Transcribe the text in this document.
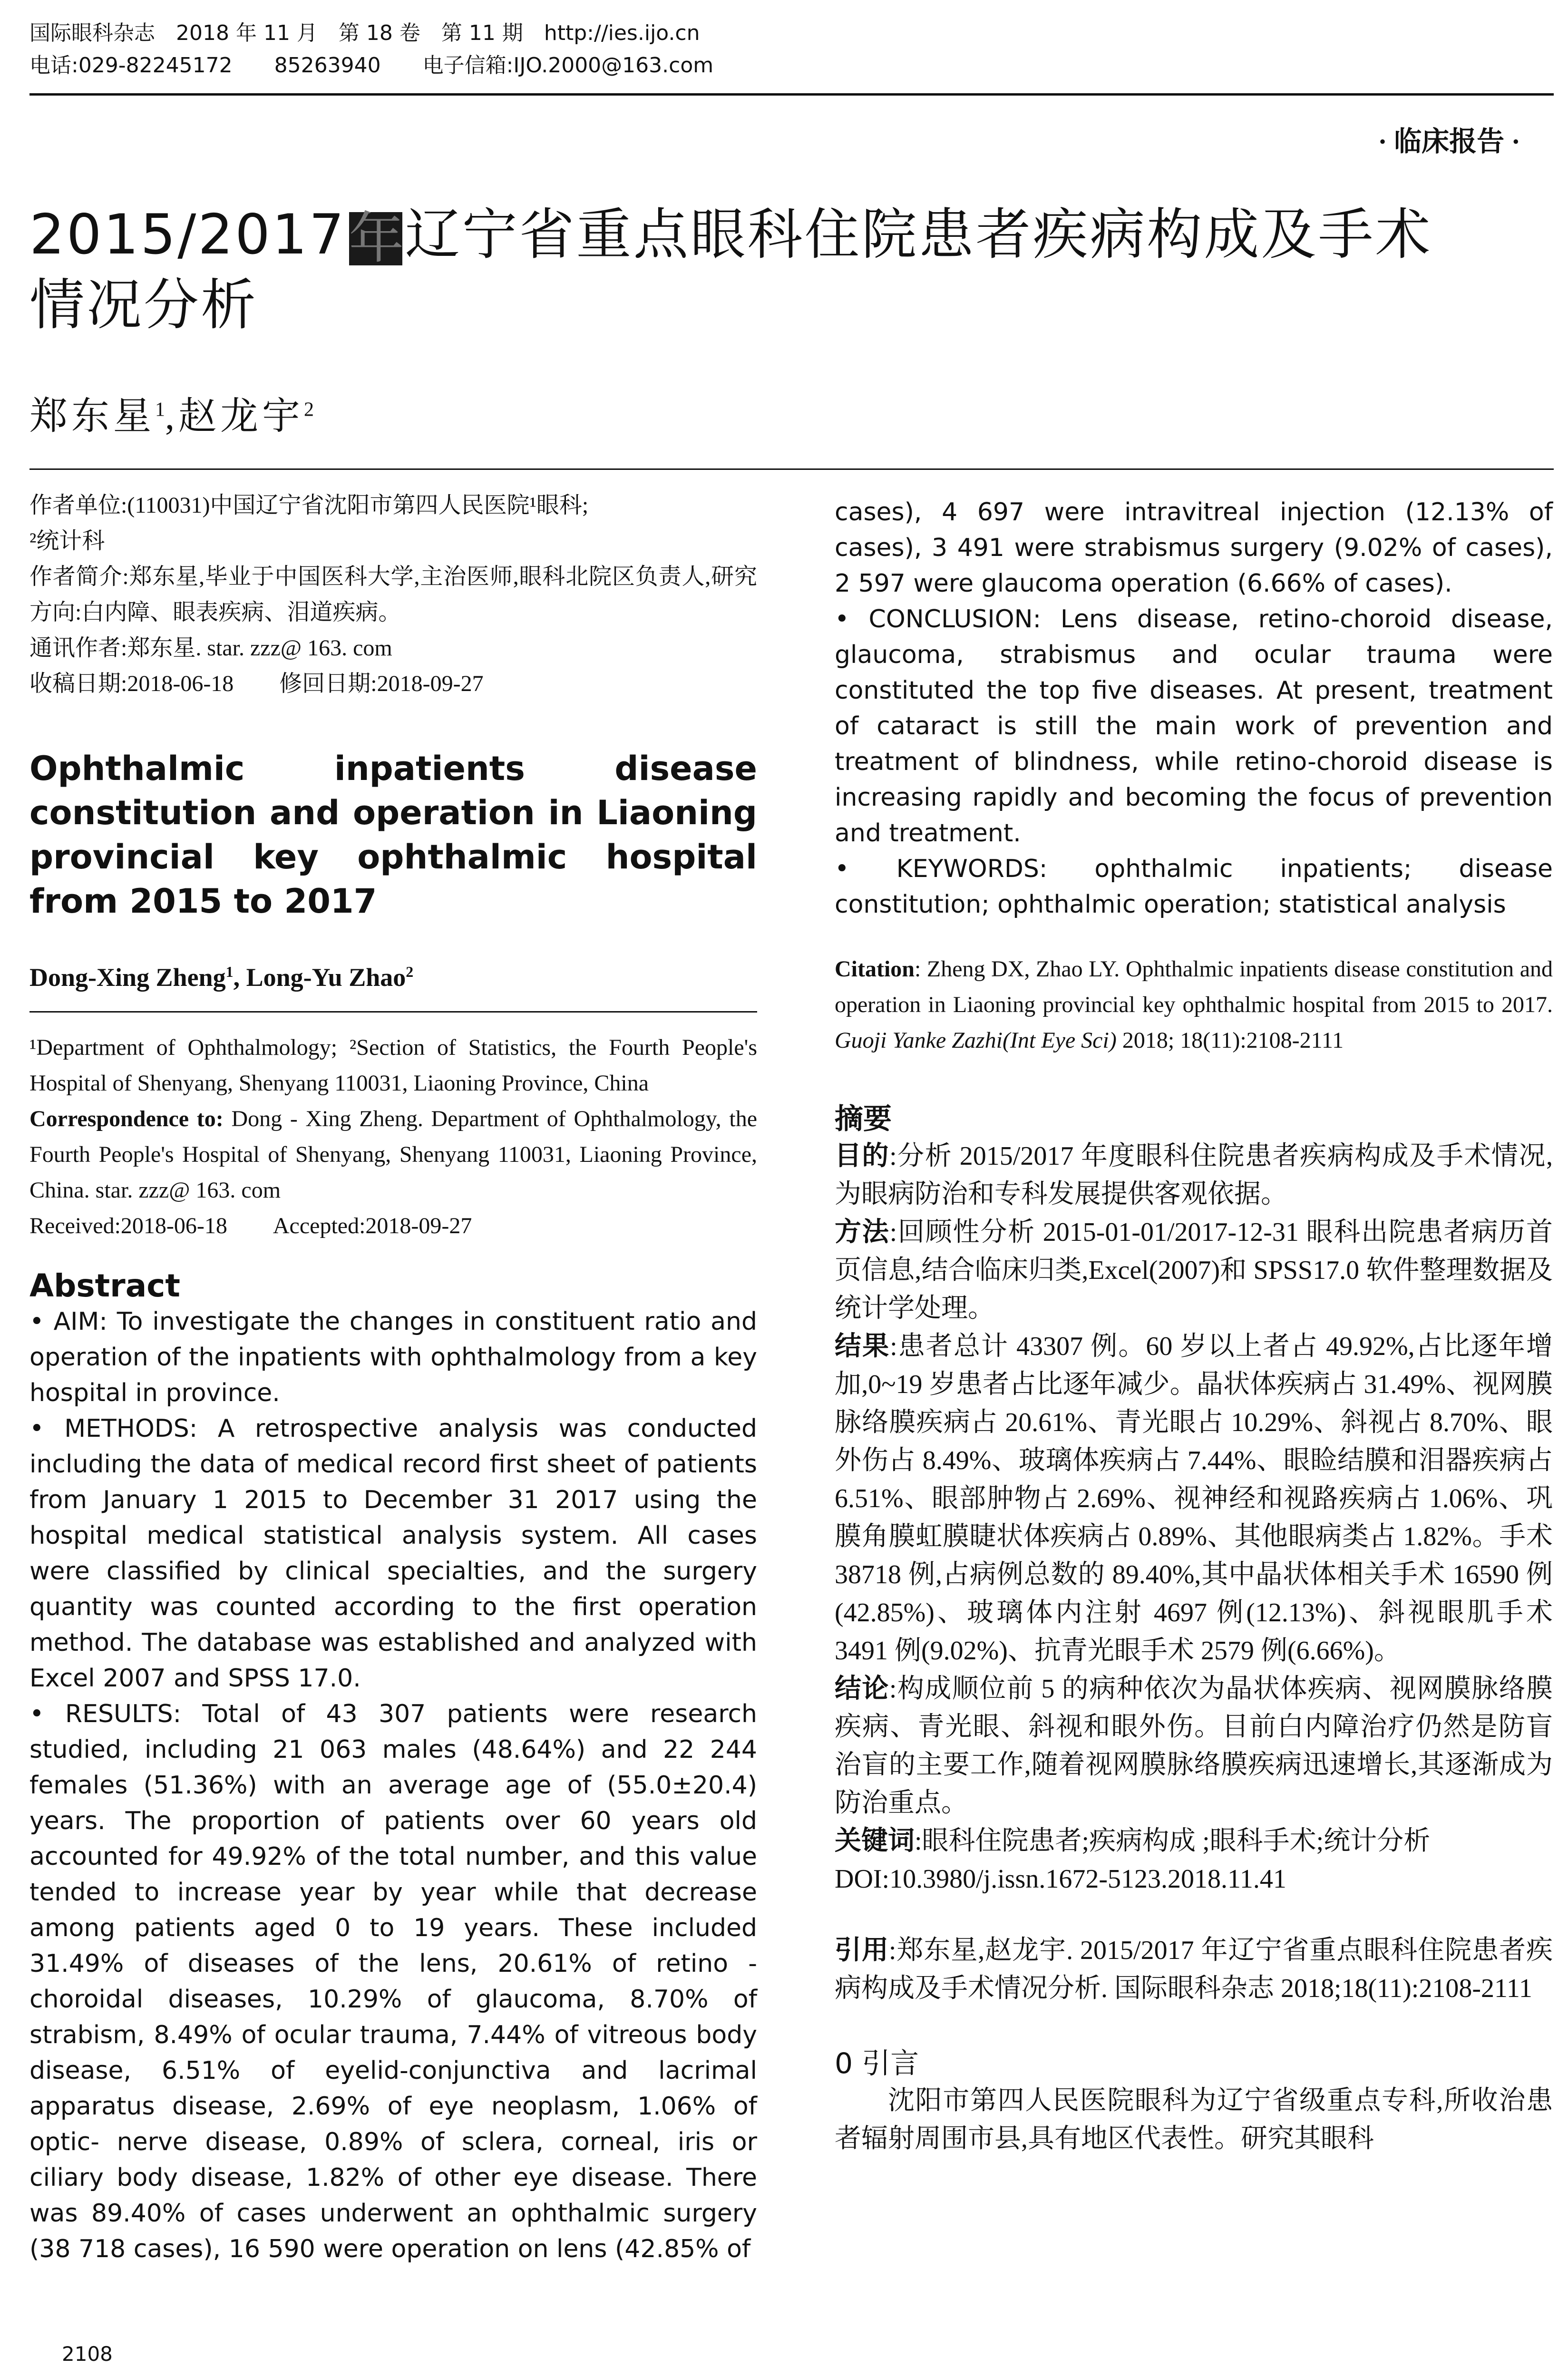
国际眼科杂志　2018 年 11 月　第 18 卷　第 11 期　http://ies.ijo.cn
电话:029-82245172　　85263940　　电子信箱:IJO.2000@163.com
· 临床报告 ·
2015/2017年辽宁省重点眼科住院患者疾病构成及手术
情况分析
郑东星$^1$,赵龙宇$^2$

作者单位:(110031)中国辽宁省沈阳市第四人民医院¹眼科;

²统计科

作者简介:郑东星,毕业于中国医科大学,主治医师,眼科北院区负责人,研究方向:白内障、眼表疾病、泪道疾病。

通讯作者:郑东星. star. zzz@ 163. com

收稿日期:2018-06-18　　修回日期:2018-09-27

Ophthalmic inpatients disease constitution and operation in Liaoning provincial key ophthalmic hospital from 2015 to 2017

Dong-Xing Zheng$^1$, Long-Yu Zhao$^2$

¹Department of Ophthalmology; ²Section of Statistics, the Fourth People's Hospital of Shenyang, Shenyang 110031, Liaoning Province, China

Correspondence to: Dong - Xing Zheng. Department of Ophthalmology, the Fourth People's Hospital of Shenyang, Shenyang 110031, Liaoning Province, China. star. zzz@ 163. com

Received:2018-06-18　　Accepted:2018-09-27

Abstract

• AIM: To investigate the changes in constituent ratio and operation of the inpatients with ophthalmology from a key hospital in province.

• METHODS: A retrospective analysis was conducted including the data of medical record first sheet of patients from January 1 2015 to December 31 2017 using the hospital medical statistical analysis system. All cases were classified by clinical specialties, and the surgery quantity was counted according to the first operation method. The database was established and analyzed with Excel 2007 and SPSS 17.0.

• RESULTS: Total of 43 307 patients were research studied, including 21 063 males (48.64%) and 22 244 females (51.36%) with an average age of (55.0±20.4) years. The proportion of patients over 60 years old accounted for 49.92% of the total number, and this value tended to increase year by year while that decrease among patients aged 0 to 19 years. These included 31.49% of diseases of the lens, 20.61% of retino - choroidal diseases, 10.29% of glaucoma, 8.70% of strabism, 8.49% of ocular trauma, 7.44% of vitreous body disease, 6.51% of eyelid-conjunctiva and lacrimal apparatus disease, 2.69% of eye neoplasm, 1.06% of optic- nerve disease, 0.89% of sclera, corneal, iris or ciliary body disease, 1.82% of other eye disease. There was 89.40% of cases underwent an ophthalmic surgery (38 718 cases), 16 590 were operation on lens (42.85% of

cases), 4 697 were intravitreal injection (12.13% of cases), 3 491 were strabismus surgery (9.02% of cases), 2 597 were glaucoma operation (6.66% of cases).

• CONCLUSION: Lens disease, retino-choroid disease, glaucoma, strabismus and ocular trauma were constituted the top five diseases. At present, treatment of cataract is still the main work of prevention and treatment of blindness, while retino-choroid disease is increasing rapidly and becoming the focus of prevention and treatment.

• KEYWORDS: ophthalmic inpatients; disease constitution; ophthalmic operation; statistical analysis

Citation: Zheng DX, Zhao LY. Ophthalmic inpatients disease constitution and operation in Liaoning provincial key ophthalmic hospital from 2015 to 2017. Guoji Yanke Zazhi(Int Eye Sci) 2018; 18(11):2108-2111

摘要

目的:分析 2015/2017 年度眼科住院患者疾病构成及手术情况,为眼病防治和专科发展提供客观依据。

方法:回顾性分析 2015-01-01/2017-12-31 眼科出院患者病历首页信息,结合临床归类,Excel(2007)和 SPSS17.0 软件整理数据及统计学处理。

结果:患者总计 43307 例。60 岁以上者占 49.92%,占比逐年增加,0~19 岁患者占比逐年减少。晶状体疾病占 31.49%、视网膜脉络膜疾病占 20.61%、青光眼占 10.29%、斜视占 8.70%、眼外伤占 8.49%、玻璃体疾病占 7.44%、眼睑结膜和泪器疾病占 6.51%、眼部肿物占 2.69%、视神经和视路疾病占 1.06%、巩膜角膜虹膜睫状体疾病占 0.89%、其他眼病类占 1.82%。手术 38718 例,占病例总数的 89.40%,其中晶状体相关手术 16590 例(42.85%)、玻璃体内注射 4697 例(12.13%)、斜视眼肌手术 3491 例(9.02%)、抗青光眼手术 2579 例(6.66%)。

结论:构成顺位前 5 的病种依次为晶状体疾病、视网膜脉络膜疾病、青光眼、斜视和眼外伤。目前白内障治疗仍然是防盲治盲的主要工作,随着视网膜脉络膜疾病迅速增长,其逐渐成为防治重点。

关键词:眼科住院患者;疾病构成 ;眼科手术;统计分析

DOI:10.3980/j.issn.1672-5123.2018.11.41

引用:郑东星,赵龙宇. 2015/2017 年辽宁省重点眼科住院患者疾病构成及手术情况分析. 国际眼科杂志 2018;18(11):2108-2111

0 引言

沈阳市第四人民医院眼科为辽宁省级重点专科,所收治患者辐射周围市县,具有地区代表性。研究其眼科

2108
